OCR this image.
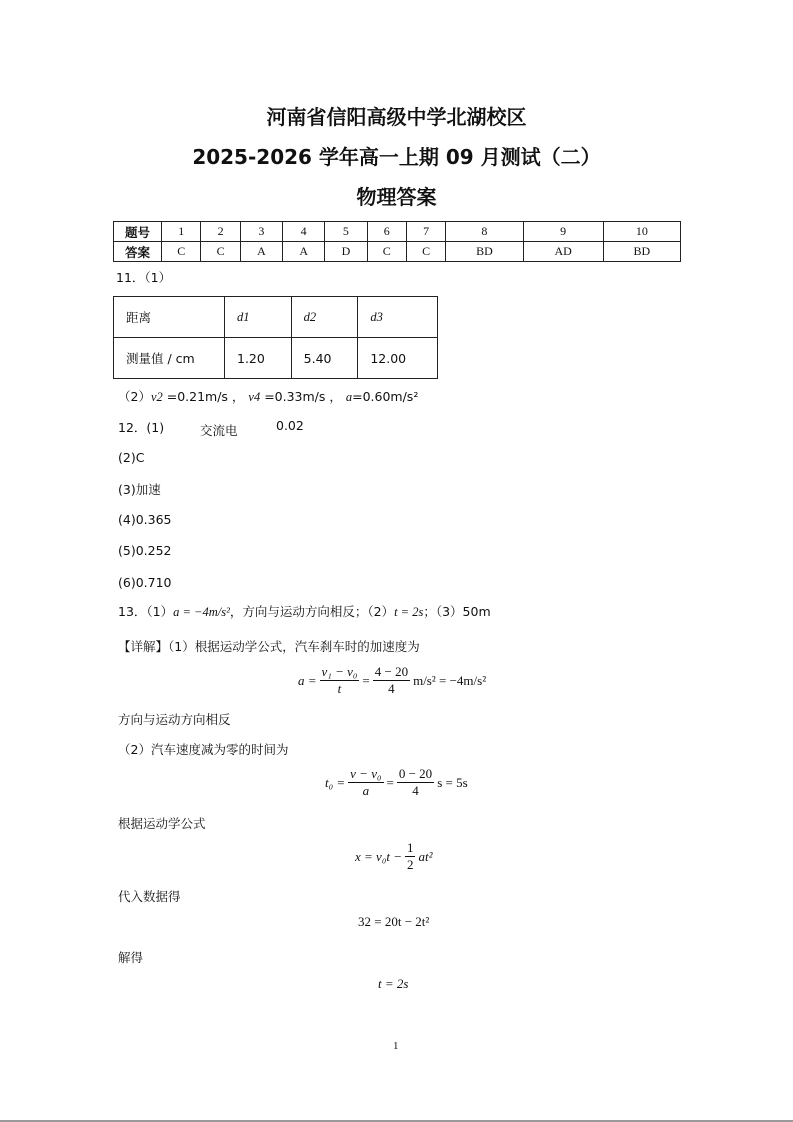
河南省信阳高级中学北湖校区
2025-2026 学年高一上期 09 月测试（二）
物理答案
题号	1	2	3	4	5	6	7	8	9	10
答案	C	C	A	A	D	C	C	BD	AD	BD
11．（1）
距离	d1	d2	d3
测量值 / cm	1.20	5.40	12.00
（2）v2 =0.21m/s ， v4 =0.33m/s ， a=0.60m/s²
12．(1)	交流电	0.02
(2)C
(3)加速
(4)0.365
(5)0.252
(6)0.710
13．（1）a = −4m/s²，方向与运动方向相反；（2）t = 2s；（3）50m
【详解】（1）根据运动学公式，汽车刹车时的加速度为
$a = \frac{\text{v₁ − v₀}}{t} = \frac{4 - 20}{4} m/s^2 = -4m/s^2$
方向与运动方向相反
（2）汽车速度减为零的时间为
$t_0 = \frac{\text{v − v₀}}{a} = \frac{0 - 20}{4}$ s = 5s
根据运动学公式
$x = v_0t - \frac{1}{2} at^2$
代入数据得
32 = 20t − 2t²
解得
t = 2s
1
